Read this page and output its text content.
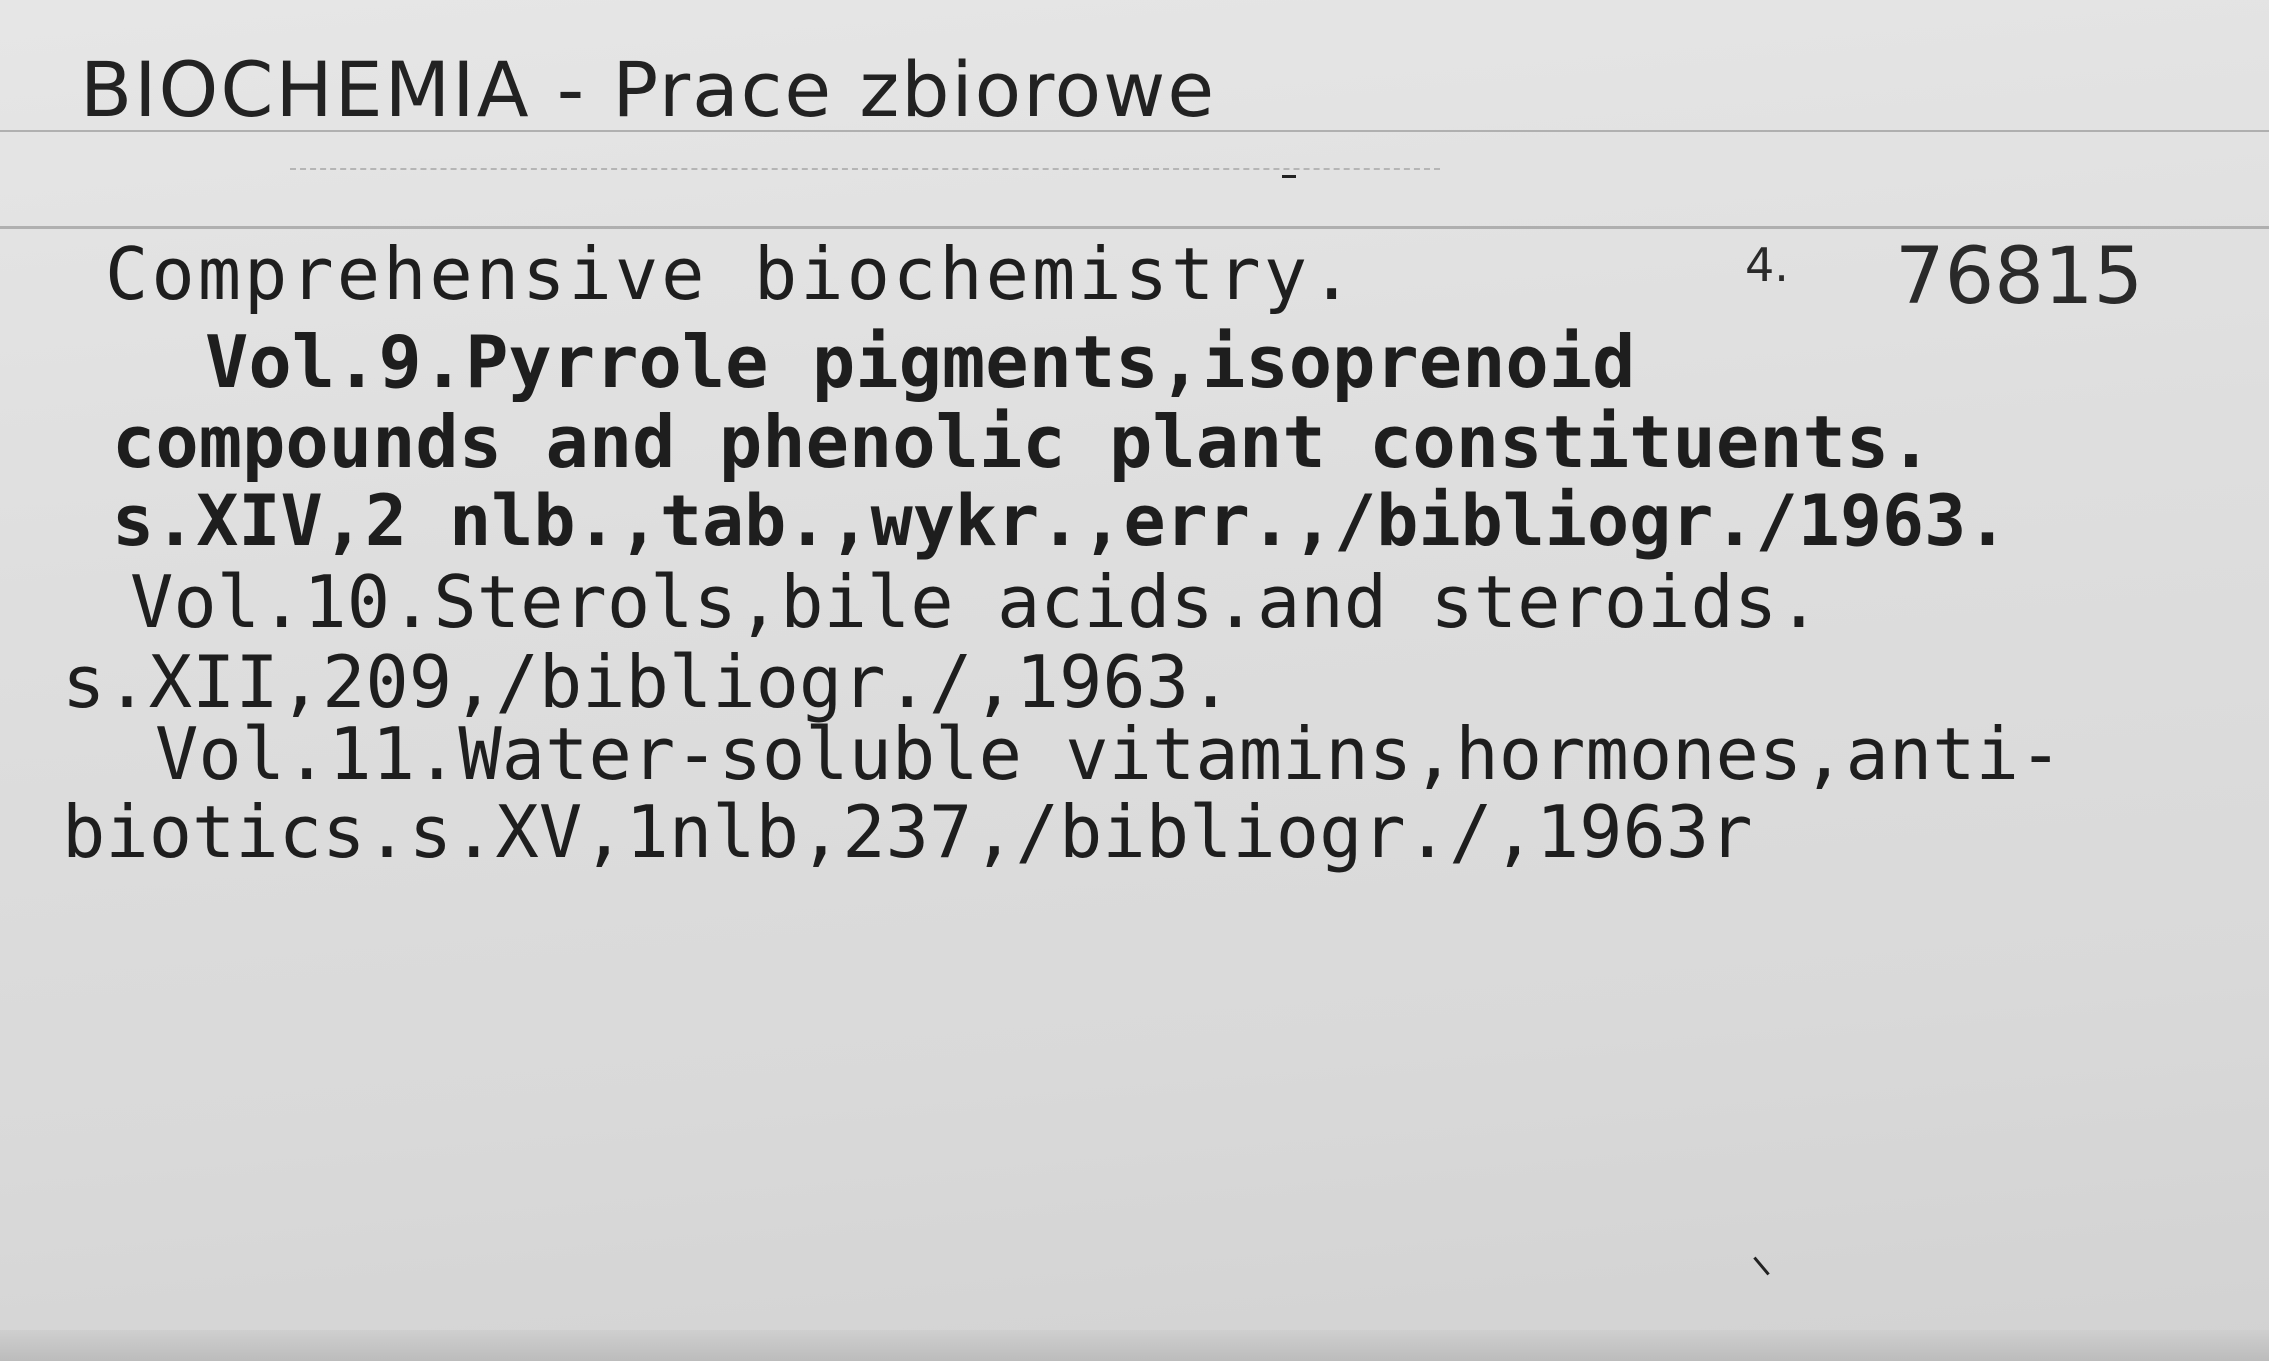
BIOCHEMIA - Prace zbiorowe
Comprehensive biochemistry.	4. 76815
Vol.9.Pyrrole pigments,isoprenoid
compounds and phenolic plant constituents.
s.XIV,2 nlb.,tab.,wykr.,err.,/bibliogr./1963.
Vol.10.Sterols,bile acids.and steroids.
s.XII,209,/bibliogr./,1963.
Vol.11.Water-soluble vitamins,hormones,anti-
biotics.s.XV,1nlb,237,/bibliogr./,1963r
